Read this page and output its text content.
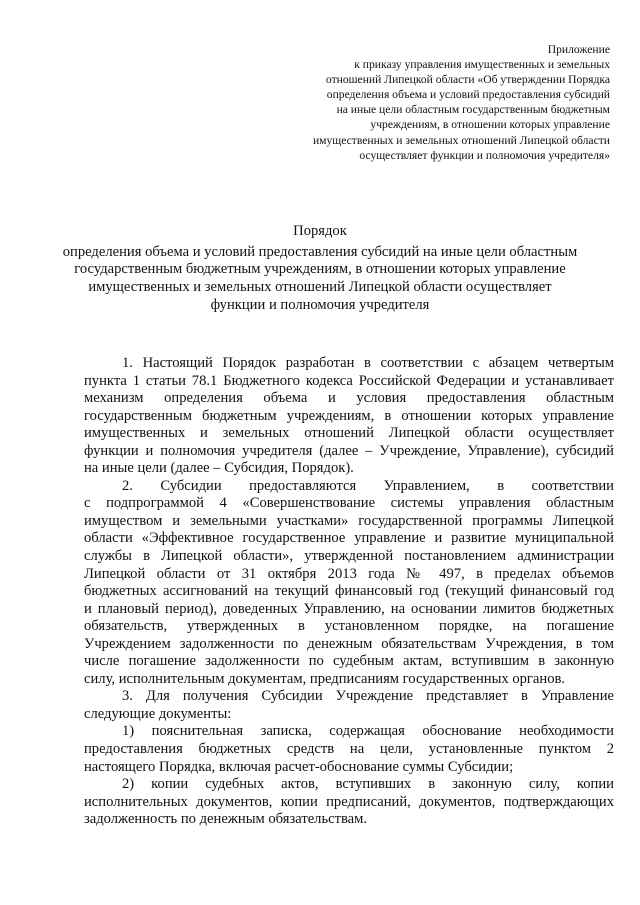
Приложение
к приказу управления имущественных и земельных
отношений Липецкой области «Об утверждении Порядка
определения объема и условий предоставления субсидий
на иные цели областным государственным бюджетным
учреждениям, в отношении которых управление
имущественных и земельных отношений Липецкой области
осуществляет функции и полномочия учредителя»
Порядок
определения объема и условий предоставления субсидий на иные цели областным
государственным бюджетным учреждениям, в отношении которых управление
имущественных и земельных отношений Липецкой области осуществляет
функции и полномочия учредителя
1. Настоящий Порядок разработан в соответствии с абзацем четвертым
пункта 1 статьи 78.1 Бюджетного кодекса Российской Федерации и устанавливает
механизм определения объема и условия предоставления областным
государственным бюджетным учреждениям, в отношении которых управление
имущественных и земельных отношений Липецкой области осуществляет
функции и полномочия учредителя (далее – Учреждение, Управление), субсидий
на иные цели (далее – Субсидия, Порядок).
2. Субсидии предоставляются Управлением, в соответствии
с подпрограммой 4 «Совершенствование системы управления областным
имуществом и земельными участками» государственной программы Липецкой
области «Эффективное государственное управление и развитие муниципальной
службы в Липецкой области», утвержденной постановлением администрации
Липецкой области от 31 октября 2013 года № 497, в пределах объемов
бюджетных ассигнований на текущий финансовый год (текущий финансовый год
и плановый период), доведенных Управлению, на основании лимитов бюджетных
обязательств, утвержденных в установленном порядке, на погашение
Учреждением задолженности по денежным обязательствам Учреждения, в том
числе погашение задолженности по судебным актам, вступившим в законную
силу, исполнительным документам, предписаниям государственных органов.
3. Для получения Субсидии Учреждение представляет в Управление
следующие документы:
1) пояснительная записка, содержащая обоснование необходимости
предоставления бюджетных средств на цели, установленные пунктом 2
настоящего Порядка, включая расчет-обоснование суммы Субсидии;
2) копии судебных актов, вступивших в законную силу, копии
исполнительных документов, копии предписаний, документов, подтверждающих
задолженность по денежным обязательствам.
